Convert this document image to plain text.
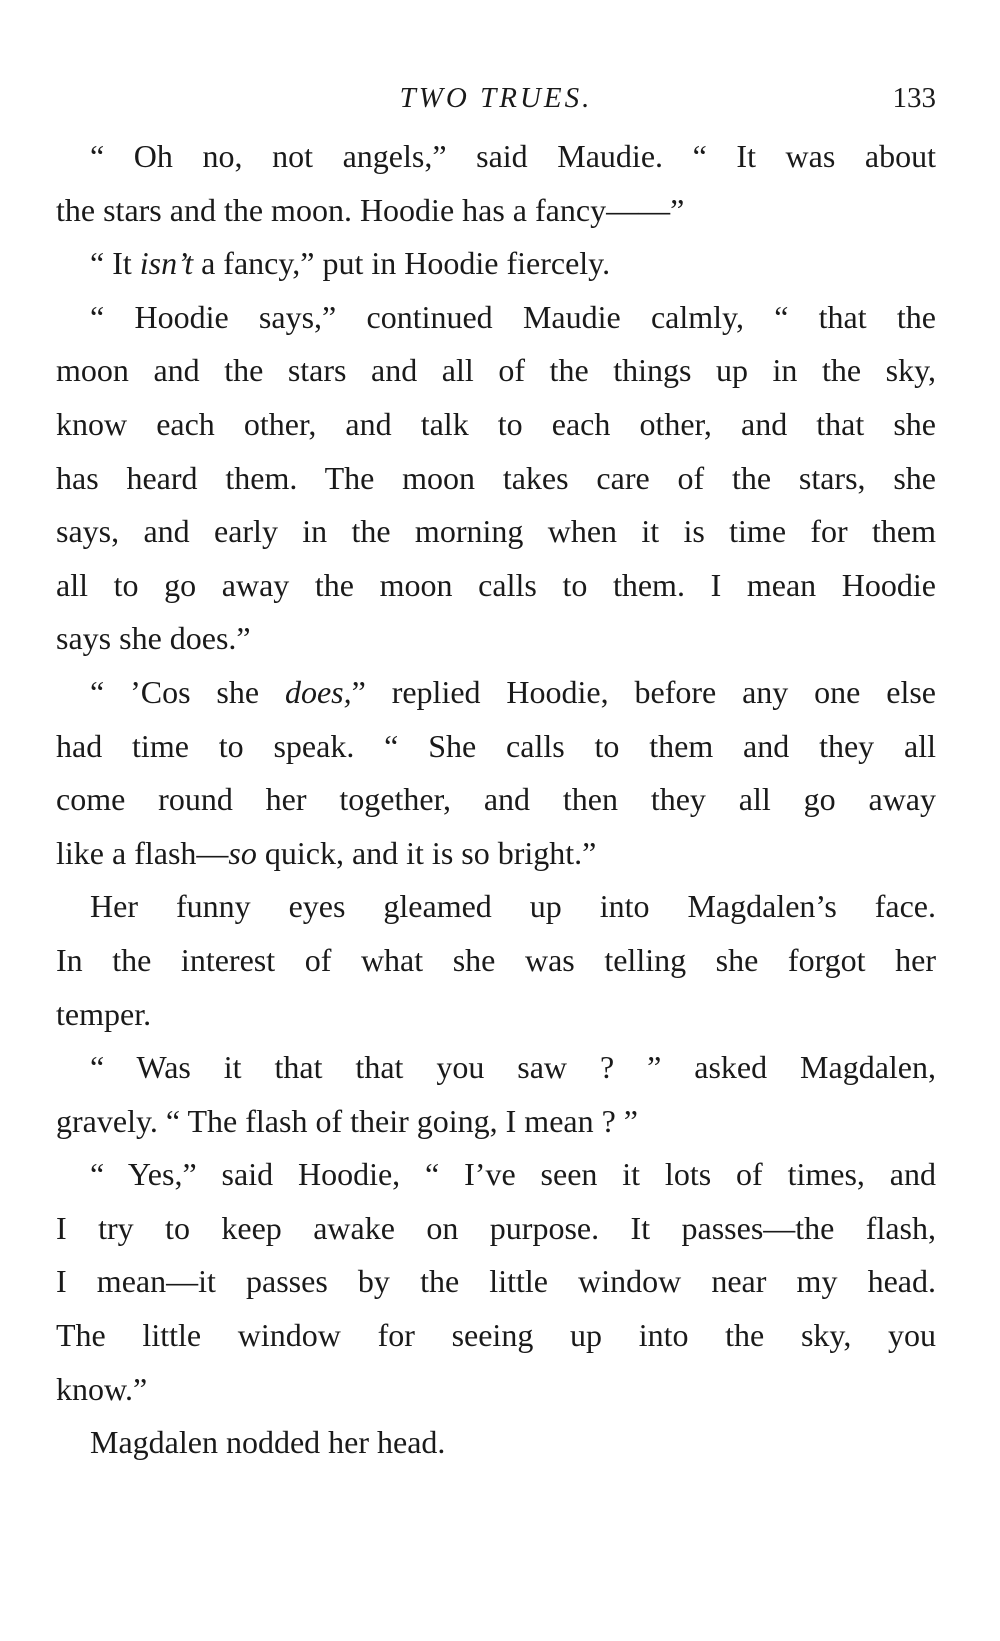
TWO TRUES.	133
“ Oh no, not angels,” said Maudie. “ It was about
the stars and the moon. Hoodie has a fancy——”
“ It isn’t a fancy,” put in Hoodie fiercely.
“ Hoodie says,” continued Maudie calmly, “ that the
moon and the stars and all of the things up in the sky,
know each other, and talk to each other, and that she
has heard them. The moon takes care of the stars, she
says, and early in the morning when it is time for them
all to go away the moon calls to them. I mean Hoodie
says she does.”
“ ’Cos she does,” replied Hoodie, before any one else
had time to speak. “ She calls to them and they all
come round her together, and then they all go away
like a flash—so quick, and it is so bright.”
Her funny eyes gleamed up into Magdalen’s face.
In the interest of what she was telling she forgot her
temper.
“ Was it that that you saw ? ” asked Magdalen,
gravely. “ The flash of their going, I mean ? ”
“ Yes,” said Hoodie, “ I’ve seen it lots of times, and
I try to keep awake on purpose. It passes—the flash,
I mean—it passes by the little window near my head.
The little window for seeing up into the sky, you
know.”
Magdalen nodded her head.
